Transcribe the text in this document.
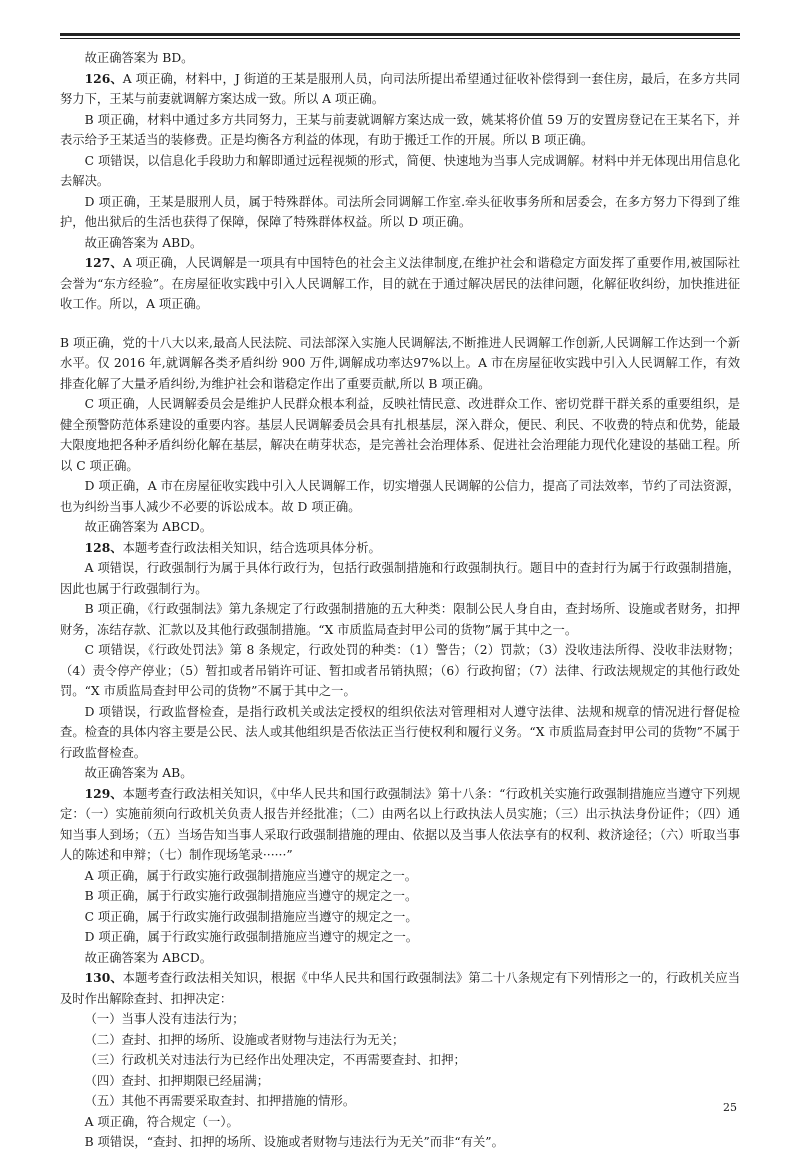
故正确答案为 BD。

126、A 项正确，材料中，J 街道的王某是服刑人员，向司法所提出希望通过征收补偿得到一套住房，最后，在多方共同努力下，王某与前妻就调解方案达成一致。所以 A 项正确。

B 项正确，材料中通过多方共同努力，王某与前妻就调解方案达成一致，姚某将价值 59 万的安置房登记在王某名下，并表示给予王某适当的装修费。正是均衡各方利益的体现，有助于搬迁工作的开展。所以 B 项正确。

C 项错误，以信息化手段助力和解即通过远程视频的形式，简便、快速地为当事人完成调解。材料中并无体现出用信息化去解决。

D 项正确，王某是服刑人员，属于特殊群体。司法所会同调解工作室.牵头征收事务所和居委会，在多方努力下得到了维护，他出狱后的生活也获得了保障，保障了特殊群体权益。所以 D 项正确。

故正确答案为 ABD。

127、A 项正确，人民调解是一项具有中国特色的社会主义法律制度,在维护社会和谐稳定方面发挥了重要作用,被国际社会誉为“东方经验”。在房屋征收实践中引入人民调解工作，目的就在于通过解决居民的法律问题，化解征收纠纷，加快推进征收工作。所以，A 项正确。

B 项正确，党的十八大以来,最高人民法院、司法部深入实施人民调解法,不断推进人民调解工作创新,人民调解工作达到一个新水平。仅 2016 年,就调解各类矛盾纠纷 900 万件,调解成功率达97%以上。A 市在房屋征收实践中引入人民调解工作，有效排查化解了大量矛盾纠纷,为维护社会和谐稳定作出了重要贡献,所以 B 项正确。

C 项正确，人民调解委员会是维护人民群众根本利益，反映社情民意、改进群众工作、密切党群干群关系的重要组织，是健全预警防范体系建设的重要内容。基层人民调解委员会具有扎根基层，深入群众，便民、利民、不收费的特点和优势，能最大限度地把各种矛盾纠纷化解在基层，解决在萌芽状态，是完善社会治理体系、促进社会治理能力现代化建设的基础工程。所以 C 项正确。

D 项正确，A 市在房屋征收实践中引入人民调解工作，切实增强人民调解的公信力，提高了司法效率，节约了司法资源，也为纠纷当事人减少不必要的诉讼成本。故 D 项正确。

故正确答案为 ABCD。

128、本题考查行政法相关知识，结合选项具体分析。

A 项错误，行政强制行为属于具体行政行为，包括行政强制措施和行政强制执行。题目中的查封行为属于行政强制措施，因此也属于行政强制行为。

B 项正确，《行政强制法》第九条规定了行政强制措施的五大种类：限制公民人身自由，查封场所、设施或者财务，扣押财务，冻结存款、汇款以及其他行政强制措施。“X 市质监局查封甲公司的货物”属于其中之一。

C 项错误，《行政处罚法》第 8 条规定，行政处罚的种类：（1）警告；（2）罚款；（3）没收违法所得、没收非法财物；（4）责令停产停业；（5）暂扣或者吊销许可证、暂扣或者吊销执照；（6）行政拘留；（7）法律、行政法规规定的其他行政处罚。“X 市质监局查封甲公司的货物”不属于其中之一。

D 项错误，行政监督检查，是指行政机关或法定授权的组织依法对管理相对人遵守法律、法规和规章的情况进行督促检查。检查的具体内容主要是公民、法人或其他组织是否依法正当行使权利和履行义务。“X 市质监局查封甲公司的货物”不属于行政监督检查。

故正确答案为 AB。

129、本题考查行政法相关知识，《中华人民共和国行政强制法》第十八条：“行政机关实施行政强制措施应当遵守下列规定：（一）实施前须向行政机关负责人报告并经批准；（二）由两名以上行政执法人员实施；（三）出示执法身份证件；（四）通知当事人到场；（五）当场告知当事人采取行政强制措施的理由、依据以及当事人依法享有的权利、救济途径；（六）听取当事人的陈述和申辩；（七）制作现场笔录······”

A 项正确，属于行政实施行政强制措施应当遵守的规定之一。

B 项正确，属于行政实施行政强制措施应当遵守的规定之一。

C 项正确，属于行政实施行政强制措施应当遵守的规定之一。

D 项正确，属于行政实施行政强制措施应当遵守的规定之一。

故正确答案为 ABCD。

130、本题考查行政法相关知识，根据《中华人民共和国行政强制法》第二十八条规定有下列情形之一的，行政机关应当及时作出解除查封、扣押决定：

（一）当事人没有违法行为；

（二）查封、扣押的场所、设施或者财物与违法行为无关；

（三）行政机关对违法行为已经作出处理决定，不再需要查封、扣押；

（四）查封、扣押期限已经届满；

（五）其他不再需要采取查封、扣押措施的情形。

A 项正确，符合规定（一）。

B 项错误，“查封、扣押的场所、设施或者财物与违法行为无关”而非“有关”。

25
